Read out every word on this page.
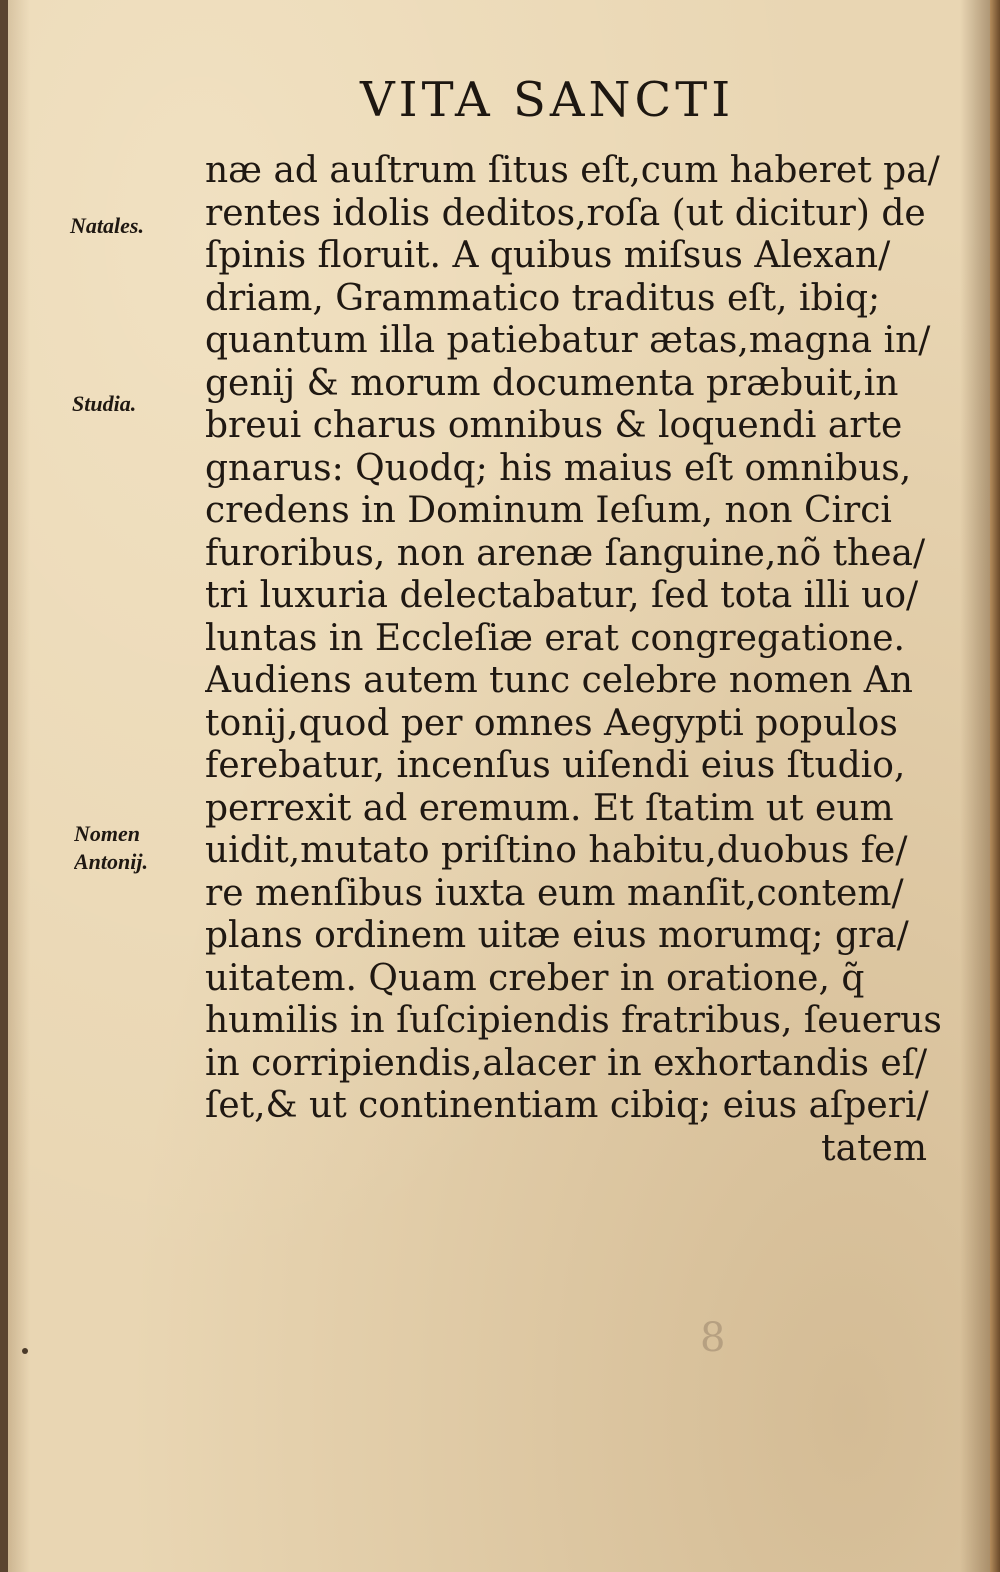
VITA SANCTI
Natales.
Studia.
Nomen
Antonij.
næ ad auſtrum ſitus eſt,cum haberet pa/
rentes idolis deditos,roſa (ut dicitur) de
ſpinis floruit. A quibus miſsus Alexan/
driam, Grammatico traditus eſt, ibiq;
quantum illa patiebatur ætas,magna in/
genij & morum documenta præbuit,in
breui charus omnibus & loquendi arte
gnarus: Quodq; his maius eſt omnibus,
credens in Dominum Ieſum, non Circi
furoribus, non arenæ ſanguine,nõ thea/
tri luxuria delectabatur, ſed tota illi uo/
luntas in Eccleſiæ erat congregatione.
Audiens autem tunc celebre nomen An
tonij,quod per omnes Aegypti populos
ferebatur, incenſus uiſendi eius ſtudio,
perrexit ad eremum. Et ſtatim ut eum
uidit,mutato priſtino habitu,duobus fe/
re menſibus iuxta eum manſit,contem/
plans ordinem uitæ eius morumq; gra/
uitatem. Quam creber in oratione, q̃
humilis in ſuſcipiendis fratribus, ſeuerus
in corripiendis,alacer in exhortandis eſ/
ſet,& ut continentiam cibiq; eius aſperi/
tatem
8
